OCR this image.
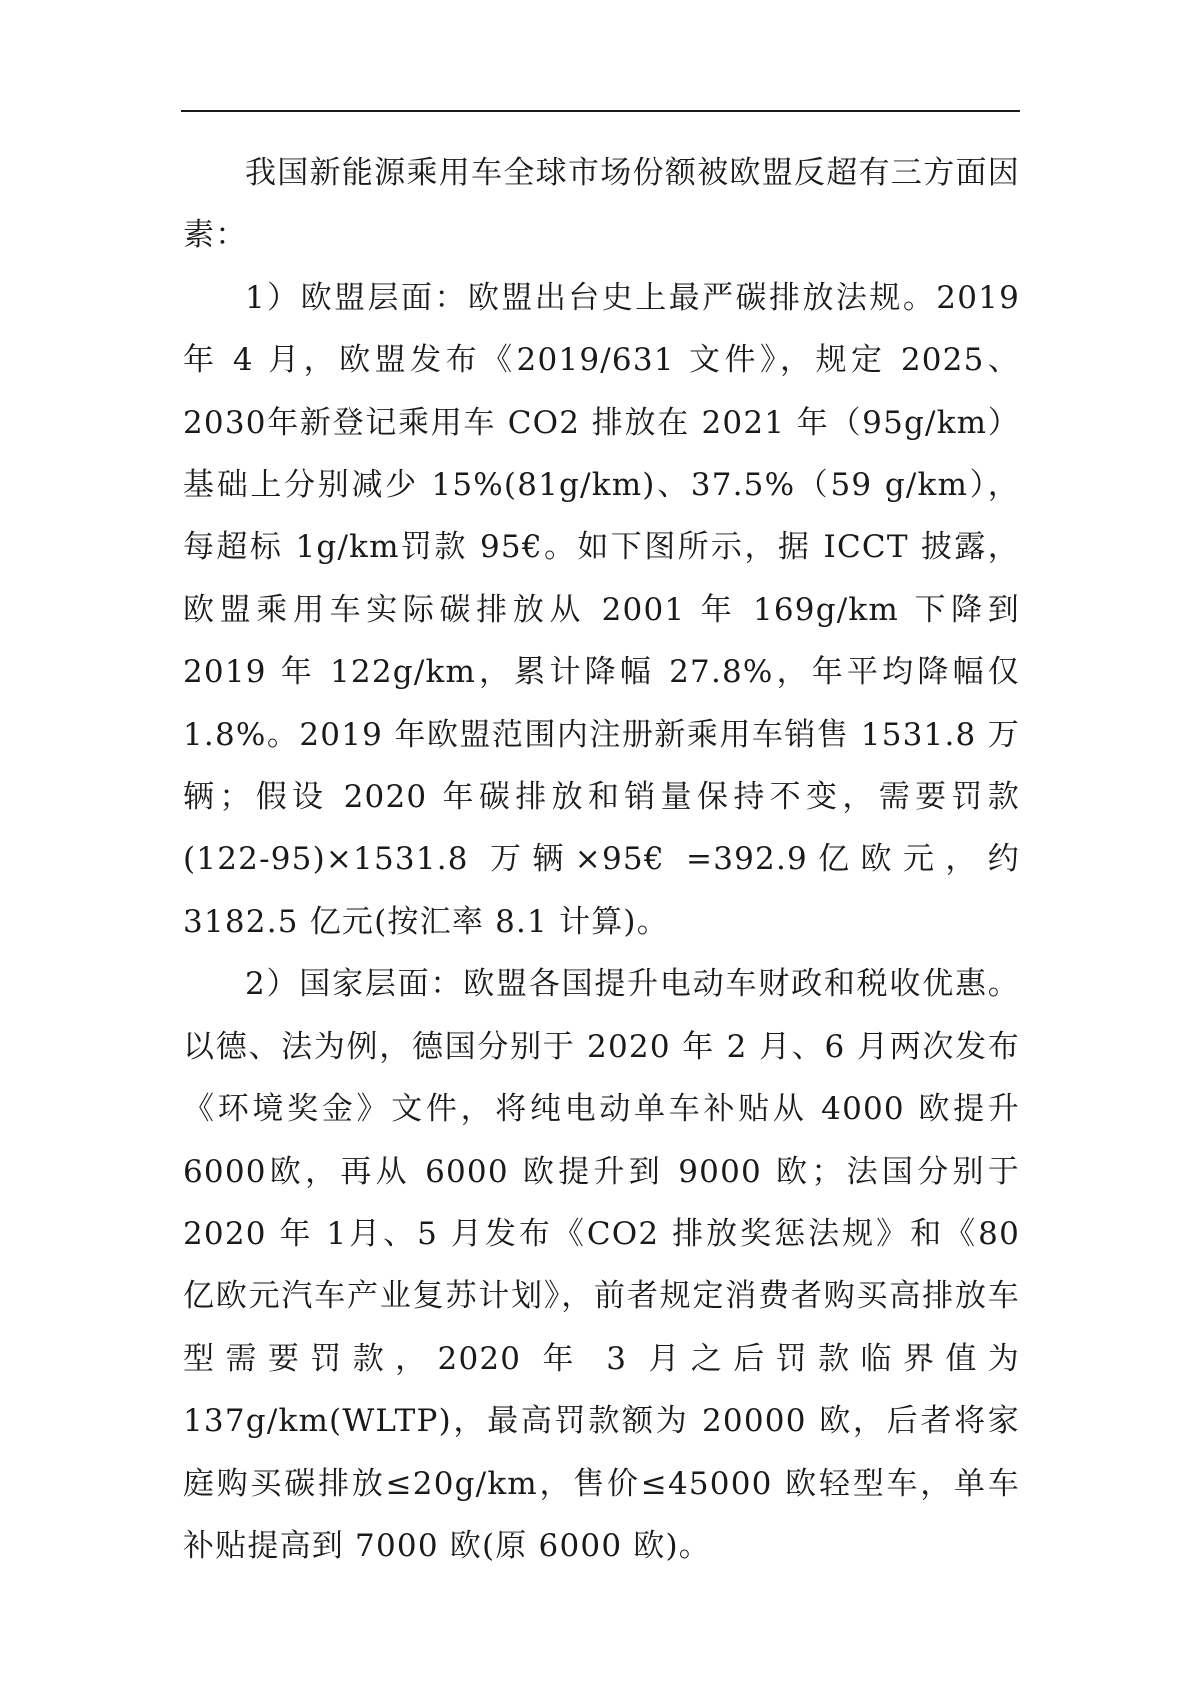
我国新能源乘用车全球市场份额被欧盟反超有三方面因素：

1）欧盟层面：欧盟出台史上最严碳排放法规。2019年 4 月，欧盟发布《2019/631 文件》，规定 2025、2030年新登记乘用车 CO2 排放在 2021 年（95g/km）基础上分别减少 15%(81g/km)、37.5%（59 g/km），每超标 1g/km罚款 95€。如下图所示，据 ICCT 披露，欧盟乘用车实际碳排放从 2001 年 169g/km 下降到 2019 年 122g/km，累计降幅 27.8%，年平均降幅仅 1.8%。2019 年欧盟范围内注册新乘用车销售 1531.8 万辆；假设 2020 年碳排放和销量保持不变，需要罚款(122-95)×1531.8 万辆×95€ =392.9亿欧元，约 3182.5 亿元(按汇率 8.1 计算)。

2）国家层面：欧盟各国提升电动车财政和税收优惠。以德、法为例，德国分别于 2020 年 2 月、6 月两次发布《环境奖金》文件，将纯电动单车补贴从 4000 欧提升 6000欧，再从 6000 欧提升到 9000 欧；法国分别于 2020 年 1月、5 月发布《CO2 排放奖惩法规》和《80 亿欧元汽车产业复苏计划》，前者规定消费者购买高排放车型需要罚款，2020 年 3 月之后罚款临界值为 137g/km(WLTP)，最高罚款额为 20000 欧，后者将家庭购买碳排放≤20g/km，售价≤45000 欧轻型车，单车补贴提高到 7000 欧(原 6000 欧)。
